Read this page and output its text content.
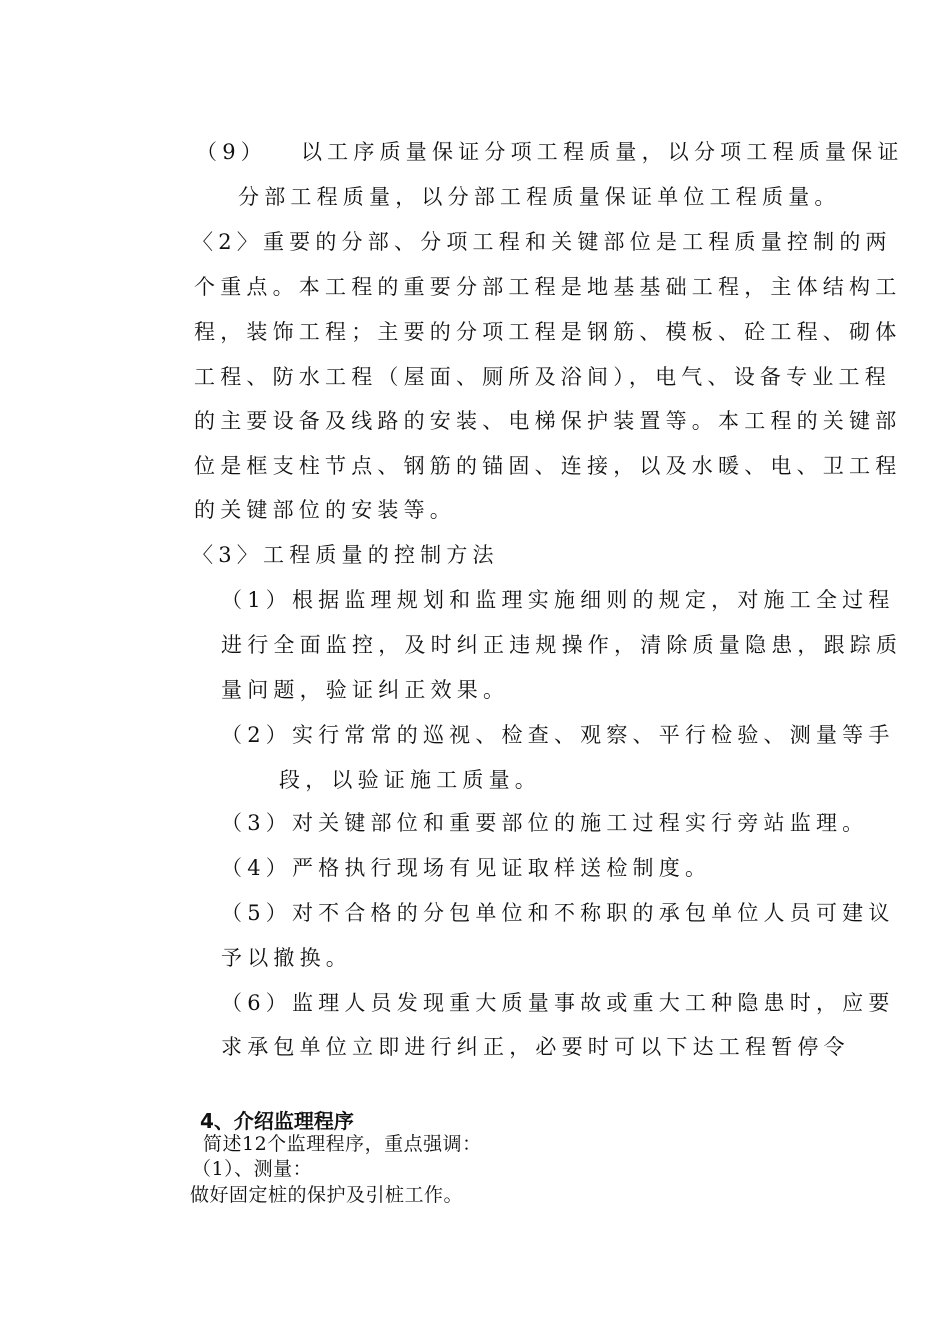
（9） 以工序质量保证分项工程质量，以分项工程质量保证
分部工程质量，以分部工程质量保证单位工程质量。
〈2〉重要的分部、分项工程和关键部位是工程质量控制的两
个重点。本工程的重要分部工程是地基基础工程，主体结构工
程，装饰工程；主要的分项工程是钢筋、模板、砼工程、砌体
工程、防水工程（屋面、厕所及浴间），电气、设备专业工程
的主要设备及线路的安装、电梯保护装置等。本工程的关键部
位是框支柱节点、钢筋的锚固、连接，以及水暖、电、卫工程
的关键部位的安装等。
〈3〉工程质量的控制方法
（1）根据监理规划和监理实施细则的规定，对施工全过程
进行全面监控，及时纠正违规操作，清除质量隐患，跟踪质
量问题，验证纠正效果。
（2）实行常常的巡视、检查、观察、平行检验、测量等手
段，以验证施工质量。
（3）对关键部位和重要部位的施工过程实行旁站监理。
（4）严格执行现场有见证取样送检制度。
（5）对不合格的分包单位和不称职的承包单位人员可建议
予以撤换。
（6）监理人员发现重大质量事故或重大工种隐患时，应要
求承包单位立即进行纠正，必要时可以下达工程暂停令
4、介绍监理程序
简述12个监理程序，重点强调：
（1）、测量：
做好固定桩的保护及引桩工作。
